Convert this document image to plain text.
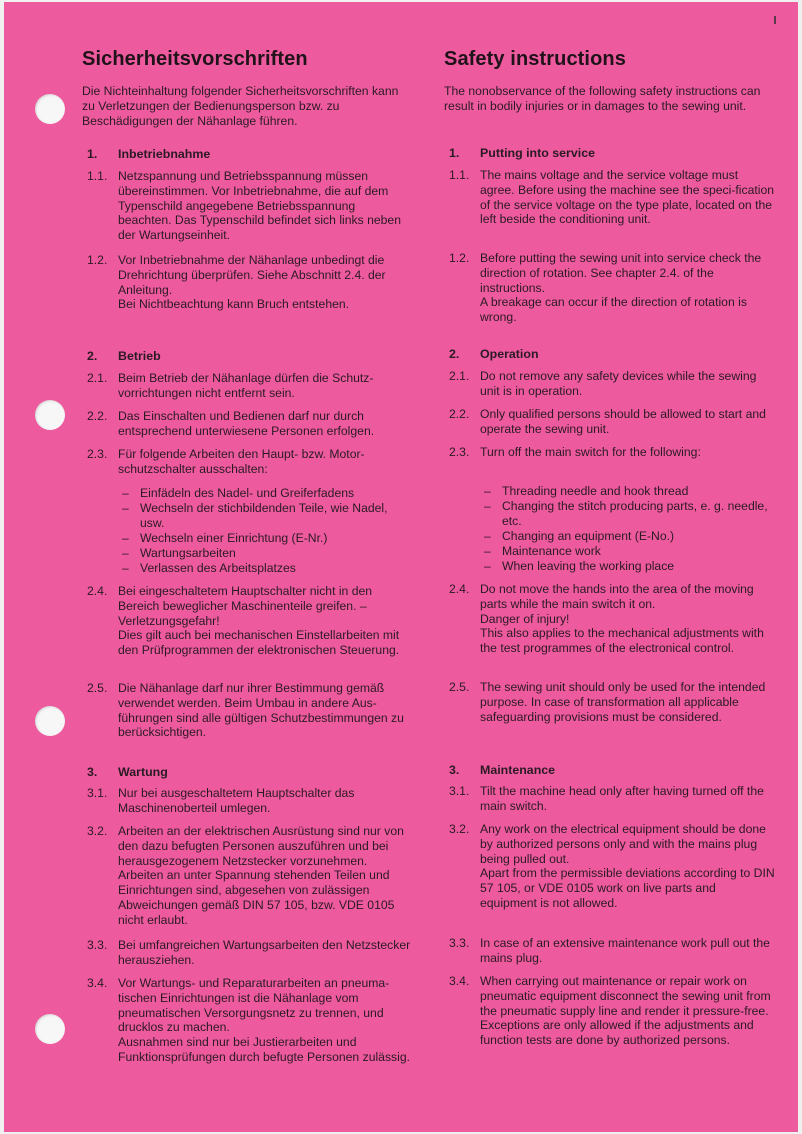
Sicherheitsvorschriften

Die Nichteinhaltung folgender Sicherheitsvorschriften kann zu Verletzungen der Bedienungsperson bzw. zu Beschädigungen der Nähanlage führen.

1. Inbetriebnahme
1.1. Netzspannung und Betriebsspannung müssen übereinstimmen. Vor Inbetriebnahme, die auf dem Typenschild angegebene Betriebsspannung beachten. Das Typenschild befindet sich links neben der Wartungseinheit.

1.2. Vor Inbetriebnahme der Nähanlage unbedingt die Drehrichtung überprüfen. Siehe Abschnitt 2.4. der Anleitung.

Bei Nichtbeachtung kann Bruch entstehen.

2. Betrieb
2.1. Beim Betrieb der Nähanlage dürfen die Schutz-vorrichtungen nicht entfernt sein.

2.2. Das Einschalten und Bedienen darf nur durch entsprechend unterwiesene Personen erfolgen.

2.3. Für folgende Arbeiten den Haupt- bzw. Motor-schutzschalter ausschalten:

– Einfädeln des Nadel- und Greiferfadens
– Wechseln der stichbildenden Teile, wie Nadel, usw.
– Wechseln einer Einrichtung (E-Nr.)
– Wartungsarbeiten
– Verlassen des Arbeitsplatzes
2.4. Bei eingeschaltetem Hauptschalter nicht in den Bereich beweglicher Maschinenteile greifen. – Verletzungsgefahr!

Dies gilt auch bei mechanischen Einstellarbeiten mit den Prüfprogrammen der elektronischen Steuerung.

2.5. Die Nähanlage darf nur ihrer Bestimmung gemäß verwendet werden. Beim Umbau in andere Aus-führungen sind alle gültigen Schutzbestimmungen zu berücksichtigen.

3. Wartung
3.1. Nur bei ausgeschaltetem Hauptschalter das Maschinenoberteil umlegen.

3.2. Arbeiten an der elektrischen Ausrüstung sind nur von den dazu befugten Personen auszuführen und bei herausgezogenem Netzstecker vorzunehmen.

Arbeiten an unter Spannung stehenden Teilen und Einrichtungen sind, abgesehen von zulässigen Abweichungen gemäß DIN 57 105, bzw. VDE 0105 nicht erlaubt.

3.3. Bei umfangreichen Wartungsarbeiten den Netzstecker herausziehen.

3.4. Vor Wartungs- und Reparaturarbeiten an pneuma-tischen Einrichtungen ist die Nähanlage vom pneumatischen Versorgungsnetz zu trennen, und drucklos zu machen.

Ausnahmen sind nur bei Justierarbeiten und Funktionsprüfungen durch befugte Personen zulässig.

Safety instructions

The nonobservance of the following safety instructions can result in bodily injuries or in damages to the sewing unit.

1. Putting into service
1.1. The mains voltage and the service voltage must agree. Before using the machine see the speci-fication of the service voltage on the type plate, located on the left beside the conditioning unit.

1.2. Before putting the sewing unit into service check the direction of rotation. See chapter 2.4. of the instructions.

A breakage can occur if the direction of rotation is wrong.

2. Operation
2.1. Do not remove any safety devices while the sewing unit is in operation.

2.2. Only qualified persons should be allowed to start and operate the sewing unit.

2.3. Turn off the main switch for the following:

– Threading needle and hook thread
– Changing the stitch producing parts, e. g. needle, etc.
– Changing an equipment (E-No.)
– Maintenance work
– When leaving the working place
2.4. Do not move the hands into the area of the moving parts while the main switch it on.

Danger of injury!

This also applies to the mechanical adjustments with the test programmes of the electronical control.

2.5. The sewing unit should only be used for the intended purpose. In case of transformation all applicable safeguarding provisions must be considered.

3. Maintenance
3.1. Tilt the machine head only after having turned off the main switch.

3.2. Any work on the electrical equipment should be done by authorized persons only and with the mains plug being pulled out.

Apart from the permissible deviations according to DIN 57 105, or VDE 0105 work on live parts and equipment is not allowed.

3.3. In case of an extensive maintenance work pull out the mains plug.

3.4. When carrying out maintenance or repair work on pneumatic equipment disconnect the sewing unit from the pneumatic supply line and render it pressure-free.

Exceptions are only allowed if the adjustments and function tests are done by authorized persons.
